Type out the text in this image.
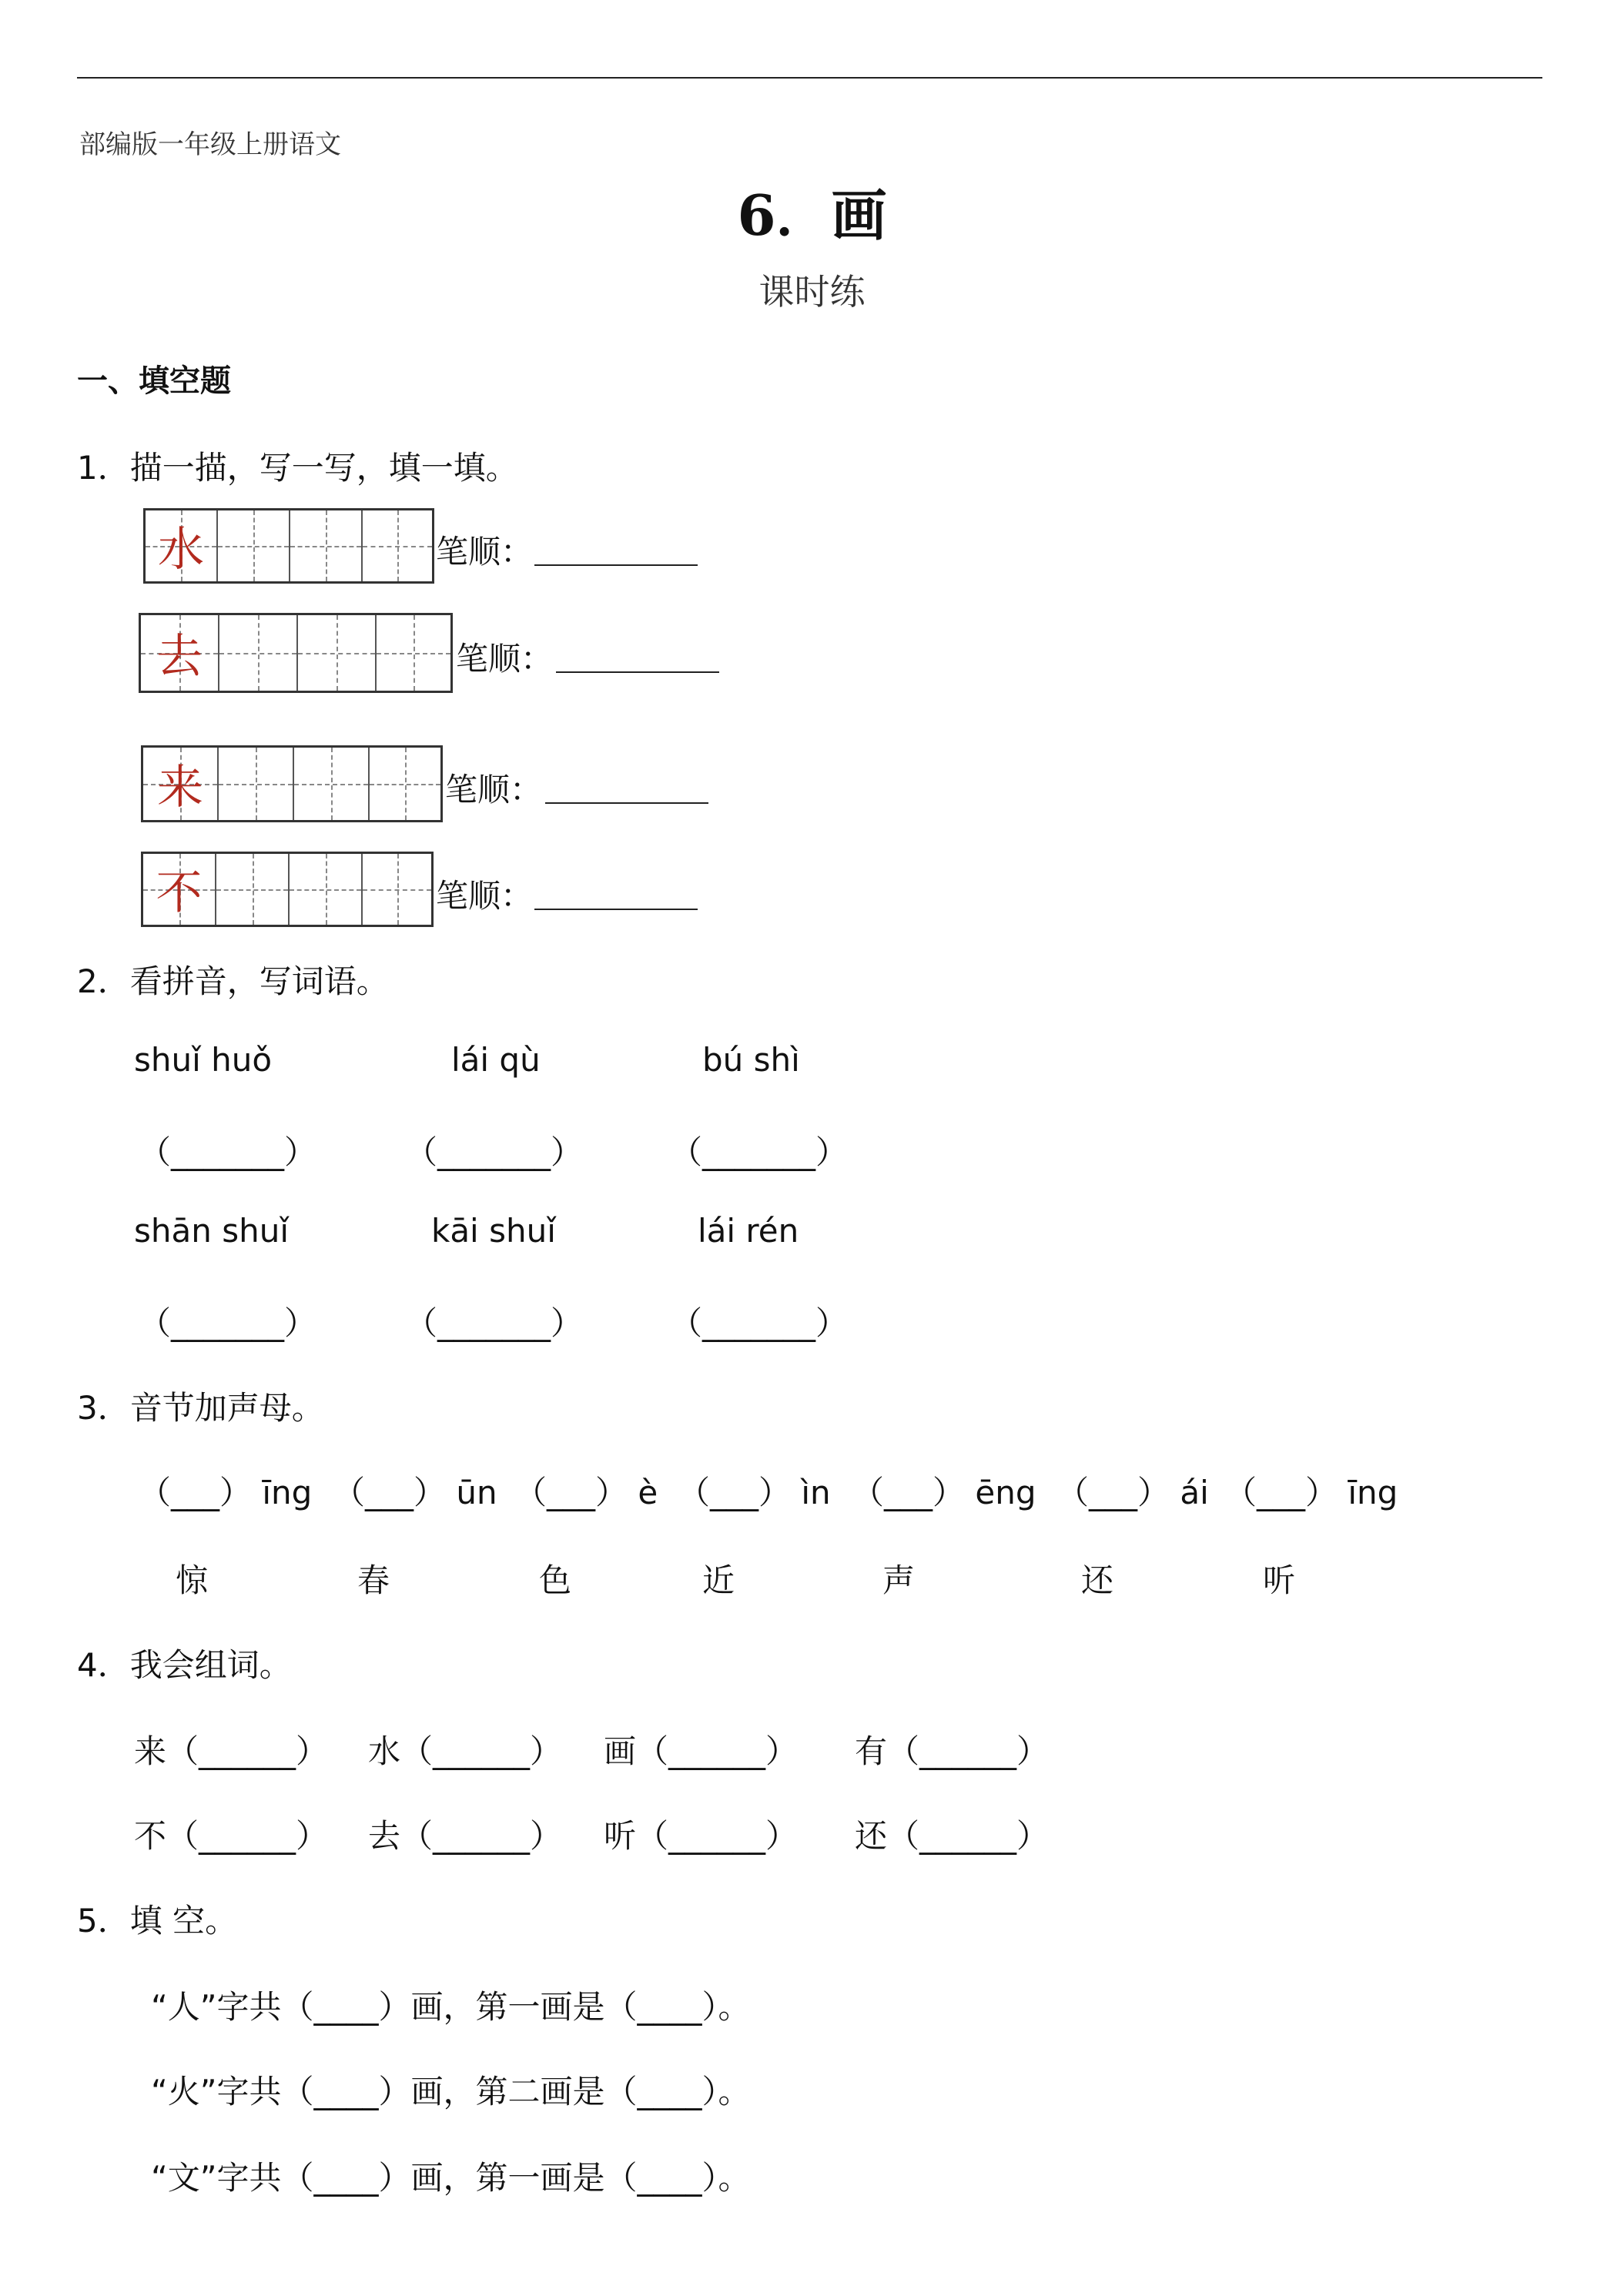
部编版一年级上册语文
6．画
课时练
一、填空题
1．描一描，写一写，填一填。
水	笔顺：
去	笔顺：
来	笔顺：
不	笔顺：
2．看拼音，写词语。
shuǐ huǒ	lái qù	bú shì
（_______）	（_______）	（_______）
shān shuǐ	kāi shuǐ	lái rén
（_______）	（_______）	（_______）
3．音节加声母。
（___） īng （___） ūn （___） è （___） ìn （___） ēng （___） ái （___） īng
惊	春	色	近	声	还	听
4．我会组词。
来（______） 水（______） 画（______） 有（______）
不（______） 去（______） 听（______） 还（______）
5．填 空。
“人”字共（____）画，第一画是（____）。
“火”字共（____）画，第二画是（____）。
“文”字共（____）画，第一画是（____）。
